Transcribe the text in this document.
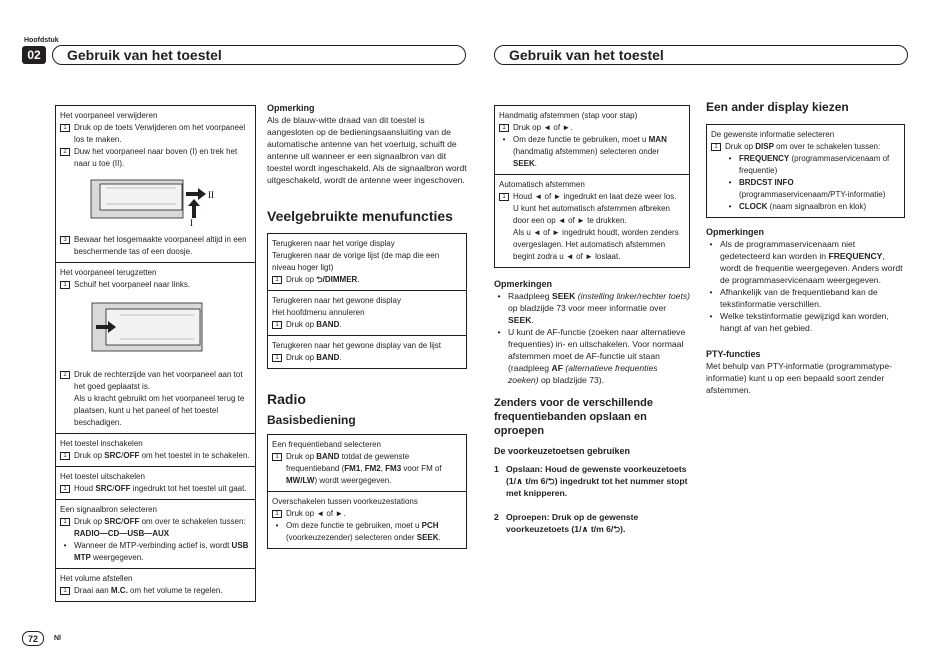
Hoofdstuk
02	Gebruik van het toestel	Gebruik van het toestel
Het voorpaneel verwijderen
1 Druk op de toets Verwijderen om het voorpaneel los te maken.
2 Duw het voorpaneel naar boven (I) en trek het naar u toe (II).
II
I
3 Bewaar het losgemaakte voorpaneel altijd in een beschermende tas of een doosje.
Het voorpaneel terugzetten
1 Schuif het voorpaneel naar links.
2 Druk de rechterzijde van het voorpaneel aan tot het goed geplaatst is.
Als u kracht gebruikt om het voorpaneel terug te plaatsen, kunt u het paneel of het toestel beschadigen.
Het toestel inschakelen
1 Druk op SRC/OFF om het toestel in te schakelen.
Het toestel uitschakelen
1 Houd SRC/OFF ingedrukt tot het toestel uit gaat.
Een signaalbron selecteren
1 Druk op SRC/OFF om over te schakelen tussen:
RADIO—CD—USB—AUX
• Wanneer de MTP-verbinding actief is, wordt USB MTP weergegeven.
Het volume afstellen
1 Draai aan M.C. om het volume te regelen.
Opmerking
Als de blauw-witte draad van dit toestel is aangesloten op de bedieningsaansluiting van de automatische antenne van het voertuig, schuift de antenne uit wanneer er een signaalbron van dit toestel wordt ingeschakeld. Als de signaalbron wordt uitgeschakeld, wordt de antenne weer ingeschoven.
Veelgebruikte menufuncties
Terugkeren naar het vorige display
Terugkeren naar de vorige lijst (de map die een niveau hoger ligt)
1 Druk op ⮌/DIMMER.
Terugkeren naar het gewone display
Het hoofdmenu annuleren
1 Druk op BAND.
Terugkeren naar het gewone display van de lijst
1 Druk op BAND.
Radio
Basisbediening
Een frequentieband selecteren
1 Druk op BAND totdat de gewenste frequentieband (FM1, FM2, FM3 voor FM of MW/LW) wordt weergegeven.
Overschakelen tussen voorkeuzestations
1 Druk op ◄ of ►.
• Om deze functie te gebruiken, moet u PCH (voorkeuzezender) selecteren onder SEEK.
Handmatig afstemmen (stap voor stap)
1 Druk op ◄ of ►.
• Om deze functie te gebruiken, moet u MAN (handmatig afstemmen) selecteren onder SEEK.
Automatisch afstemmen
1 Houd ◄ of ► ingedrukt en laat deze weer los.
U kunt het automatisch afstemmen afbreken door een op ◄ of ► te drukken.
Als u ◄ of ► ingedrukt houdt, worden zenders overgeslagen. Het automatisch afstemmen begint zodra u ◄ of ► loslaat.
Opmerkingen
• Raadpleeg SEEK (instelling linker/rechter toets) op bladzijde 73 voor meer informatie over SEEK.
• U kunt de AF-functie (zoeken naar alternatieve frequenties) in- en uitschakelen. Voor normaal afstemmen moet de AF-functie uit staan (raadpleeg AF (alternatieve frequenties zoeken) op bladzijde 73).
Zenders voor de verschillende frequentiebanden opslaan en oproepen
De voorkeuzetoetsen gebruiken
1 Opslaan: Houd de gewenste voorkeuzetoets (1/∧ t/m 6/⮌) ingedrukt tot het nummer stopt met knipperen.
2 Oproepen: Druk op de gewenste voorkeuzetoets (1/∧ t/m 6/⮌).
Een ander display kiezen
De gewenste informatie selecteren
1 Druk op DISP om over te schakelen tussen:
• FREQUENCY (programmaservicenaam of frequentie)
• BRDCST INFO (programmaservicenaam/PTY-informatie)
• CLOCK (naam signaalbron en klok)
Opmerkingen
• Als de programmaservicenaam niet gedetecteerd kan worden in FREQUENCY, wordt de frequentie weergegeven. Anders wordt de programmaservicenaam weergegeven.
• Afhankelijk van de frequentieband kan de tekstinformatie verschillen.
• Welke tekstinformatie gewijzigd kan worden, hangt af van het gebied.
PTY-functies
Met behulp van PTY-informatie (programmatype-informatie) kunt u op een bepaald soort zender afstemmen.
72	Nl
